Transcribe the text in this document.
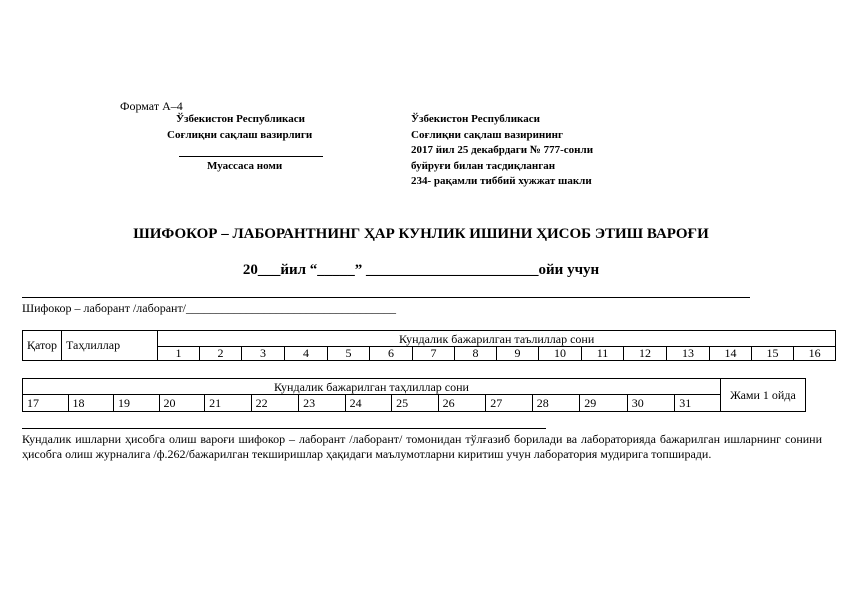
Формат А–4
Ўзбекистон Республикаси
Соғлиқни сақлаш вазирлиги
Муассаса номи
Ўзбекистон Республикаси
Соғлиқни сақлаш вазирининг
2017 йил 25 декабрдаги № 777-сонли
буйруғи билан тасдиқланган
234- рақамли тиббий хужжат шакли
ШИФОКОР – ЛАБОРАНТНИНГ ҲАР КУНЛИК ИШИНИ ҲИСОБ ЭТИШ ВАРОҒИ
20___йил “_____” _______________________ойи учун
Шифокор – лаборант /лаборант/___________________________________
Қатор	Таҳлиллар	Кундалик бажарилган таълиллар сони															
		1	2	3	4	5	6	7	8	9	10	11	12	13	14	15	16
Кундалик бажарилган таҳлиллар сони															Жами 1 ойда
17	18	19	20	21	22	23	24	25	26	27	28	29	30	31	
Кундалик ишларни ҳисобга олиш вароғи шифокор – лаборант /лаборант/ томонидан тўлғазиб борилади ва лабораторияда бажарилган ишларнинг сонини ҳисобга олиш журналига /ф.262/бажарилган текширишлар ҳақидаги маълумотларни киритиш учун лаборатория мудирига топширади.
